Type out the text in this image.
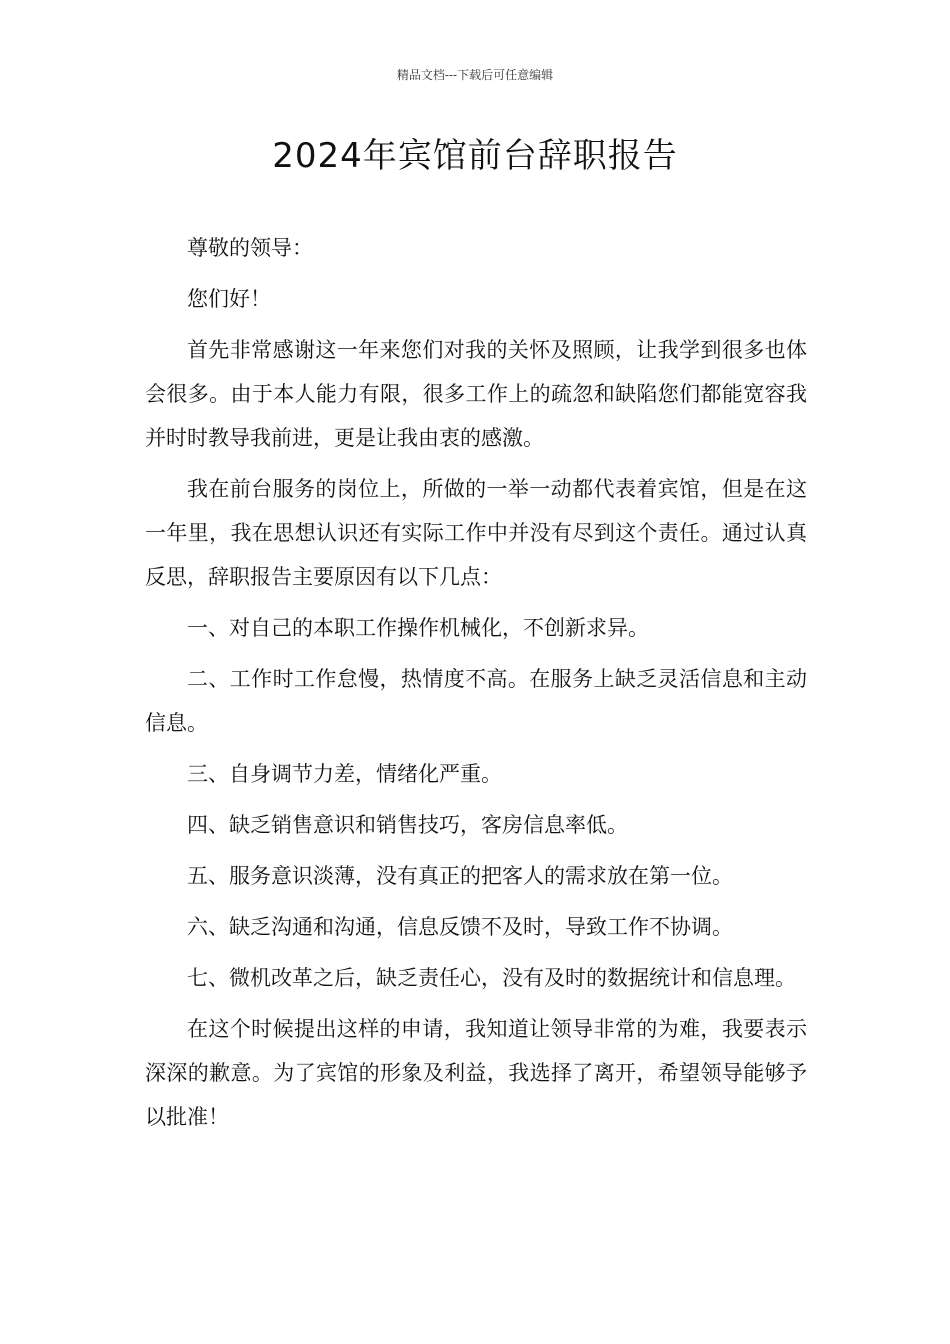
精品文档---下载后可任意编辑
2024年宾馆前台辞职报告

尊敬的领导：

您们好！

首先非常感谢这一年来您们对我的关怀及照顾，让我学到很多也体会很多。由于本人能力有限，很多工作上的疏忽和缺陷您们都能宽容我并时时教导我前进，更是让我由衷的感激。

我在前台服务的岗位上，所做的一举一动都代表着宾馆，但是在这一年里，我在思想认识还有实际工作中并没有尽到这个责任。通过认真反思，辞职报告主要原因有以下几点：

一、对自己的本职工作操作机械化，不创新求异。

二、工作时工作怠慢，热情度不高。在服务上缺乏灵活信息和主动信息。

三、自身调节力差，情绪化严重。

四、缺乏销售意识和销售技巧，客房信息率低。

五、服务意识淡薄，没有真正的把客人的需求放在第一位。

六、缺乏沟通和沟通，信息反馈不及时，导致工作不协调。

七、微机改革之后，缺乏责任心，没有及时的数据统计和信息理。

在这个时候提出这样的申请，我知道让领导非常的为难，我要表示深深的歉意。为了宾馆的形象及利益，我选择了离开，希望领导能够予以批准！
